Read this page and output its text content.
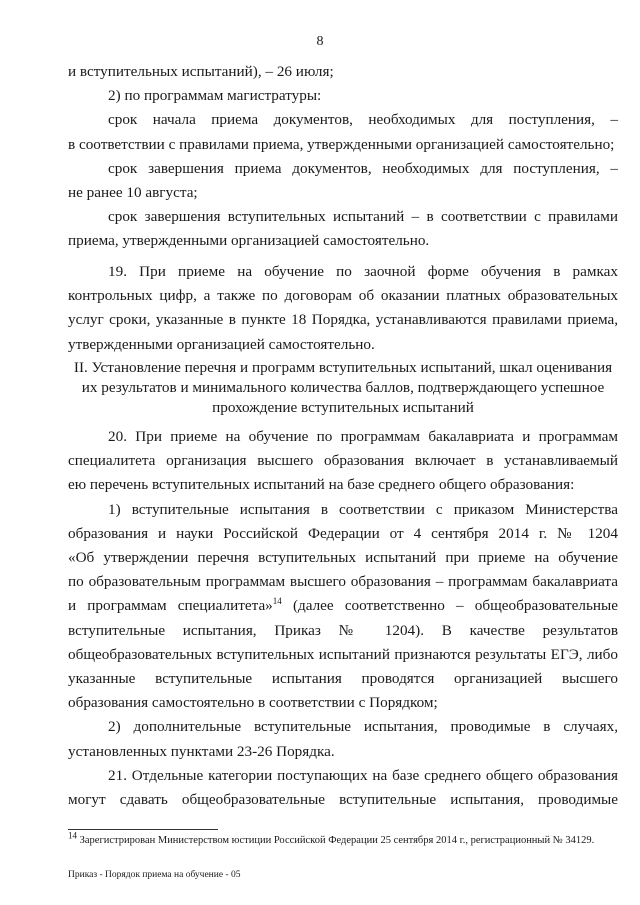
8

и вступительных испытаний), – 26 июля;

2) по программам магистратуры:

срок начала приема документов, необходимых для поступления, –

в соответствии с правилами приема, утвержденными организацией самостоятельно;

срок завершения приема документов, необходимых для поступления, –

не ранее 10 августа;

срок завершения вступительных испытаний – в соответствии с правилами

приема, утвержденными организацией самостоятельно.

19. При приеме на обучение по заочной форме обучения в рамках

контрольных цифр, а также по договорам об оказании платных образовательных

услуг сроки, указанные в пункте 18 Порядка, устанавливаются правилами приема,

утвержденными организацией самостоятельно.

II. Установление перечня и программ вступительных испытаний, шкал оценивания
их результатов и минимального количества баллов, подтверждающего успешное
прохождение вступительных испытаний

20. При приеме на обучение по программам бакалавриата и программам

специалитета организация высшего образования включает в устанавливаемый

ею перечень вступительных испытаний на базе среднего общего образования:

1) вступительные испытания в соответствии с приказом Министерства

образования и науки Российской Федерации от 4 сентября 2014 г. № 1204

«Об утверждении перечня вступительных испытаний при приеме на обучение

по образовательным программам высшего образования – программам бакалавриата

и программам специалитета»$^{14}$ (далее соответственно – общеобразовательные

вступительные испытания, Приказ № 1204). В качестве результатов

общеобразовательных вступительных испытаний признаются результаты ЕГЭ, либо

указанные вступительные испытания проводятся организацией высшего

образования самостоятельно в соответствии с Порядком;

2) дополнительные вступительные испытания, проводимые в случаях,

установленных пунктами 23-26 Порядка.

21. Отдельные категории поступающих на базе среднего общего образования

могут сдавать общеобразовательные вступительные испытания, проводимые

$^{14}$ Зарегистрирован Министерством юстиции Российской Федерации 25 сентября 2014 г., регистрационный № 34129.
Приказ - Порядок приема на обучение - 05
